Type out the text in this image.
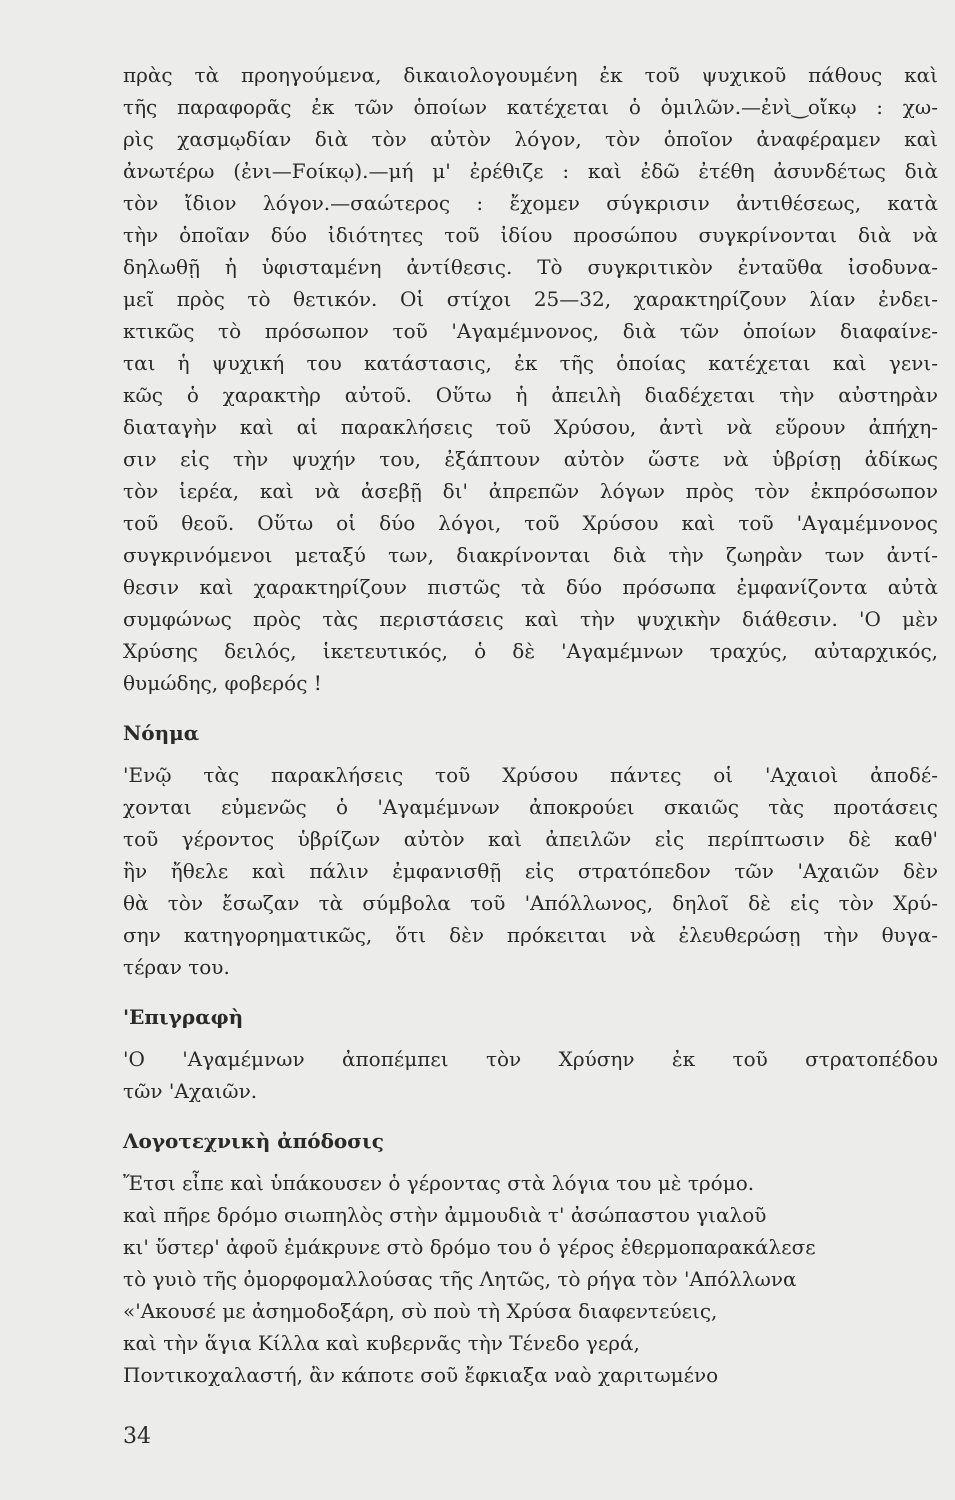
πρὰς τὰ προηγούμενα, δικαιολογουμένη ἐκ τοῦ ψυχικοῦ πάθους καὶ
τῆς παραφορᾶς ἐκ τῶν ὁποίων κατέχεται ὁ ὁμιλῶν.—ἐνὶ‿οἴκῳ : χω-
ρὶς χασμῳδίαν διὰ τὸν αὐτὸν λόγον, τὸν ὁποῖον ἀναφέραμεν καὶ
ἀνωτέρω (ἐνι—Fοίκῳ).—μή μ' ἐρέθιζε : καὶ ἐδῶ ἐτέθη ἀσυνδέτως διὰ
τὸν ἴδιον λόγον.—σαώτερος : ἔχομεν σύγκρισιν ἀντιθέσεως, κατὰ
τὴν ὁποῖαν δύο ἰδιότητες τοῦ ἰδίου προσώπου συγκρίνονται διὰ νὰ
δηλωθῇ ἡ ὑφισταμένη ἀντίθεσις. Τὸ συγκριτικὸν ἐνταῦθα ἰσοδυνα-
μεῖ πρὸς τὸ θετικόν. Οἱ στίχοι 25—32, χαρακτηρίζουν λίαν ἐνδει-
κτικῶς τὸ πρόσωπον τοῦ 'Αγαμέμνονος, διὰ τῶν ὁποίων διαφαίνε-
ται ἡ ψυχική του κατάστασις, ἐκ τῆς ὁποίας κατέχεται καὶ γενι-
κῶς ὁ χαρακτὴρ αὐτοῦ. Οὕτω ἡ ἀπειλὴ διαδέχεται τὴν αὐστηρὰν
διαταγὴν καὶ αἱ παρακλήσεις τοῦ Χρύσου, ἀντὶ νὰ εὕρουν ἀπήχη-
σιν εἰς τὴν ψυχήν του, ἐξάπτουν αὐτὸν ὥστε νὰ ὑβρίσῃ ἀδίκως
τὸν ἱερέα, καὶ νὰ ἀσεβῇ δι' ἀπρεπῶν λόγων πρὸς τὸν ἐκπρόσωπον
τοῦ θεοῦ. Οὕτω οἱ δύο λόγοι, τοῦ Χρύσου καὶ τοῦ 'Αγαμέμνονος
συγκρινόμενοι μεταξύ των, διακρίνονται διὰ τὴν ζωηρὰν των ἀντί-
θεσιν καὶ χαρακτηρίζουν πιστῶς τὰ δύο πρόσωπα ἐμφανίζοντα αὐτὰ
συμφώνως πρὸς τὰς περιστάσεις καὶ τὴν ψυχικὴν διάθεσιν. 'Ο μὲν
Χρύσης δειλός, ἱκετευτικός, ὁ δὲ 'Αγαμέμνων τραχύς, αὐταρχικός,
θυμώδης, φοβερός !
Νόημα
'Ενῷ τὰς παρακλήσεις τοῦ Χρύσου πάντες οἱ 'Αχαιοὶ ἀποδέ-
χονται εὐμενῶς ὁ 'Αγαμέμνων ἀποκρούει σκαιῶς τὰς προτάσεις
τοῦ γέροντος ὑβρίζων αὐτὸν καὶ ἀπειλῶν εἰς περίπτωσιν δὲ καθ'
ἣν ἤθελε καὶ πάλιν ἐμφανισθῇ εἰς στρατόπεδον τῶν 'Αχαιῶν δὲν
θὰ τὸν ἔσωζαν τὰ σύμβολα τοῦ 'Απόλλωνος, δηλοῖ δὲ εἰς τὸν Χρύ-
σην κατηγορηματικῶς, ὅτι δὲν πρόκειται νὰ ἐλευθερώσῃ τὴν θυγα-
τέραν του.
'Επιγραφὴ
'Ο 'Αγαμέμνων ἀποπέμπει τὸν Χρύσην ἐκ τοῦ στρατοπέδου
τῶν 'Αχαιῶν.
Λογοτεχνικὴ ἀπόδοσις
Ἔτσι εἶπε καὶ ὑπάκουσεν ὁ γέροντας στὰ λόγια του μὲ τρόμο.
καὶ πῆρε δρόμο σιωπηλὸς στὴν ἀμμουδιὰ τ' ἀσώπαστου γιαλοῦ
κι' ὕστερ' ἀφοῦ ἐμάκρυνε στὸ δρόμο του ὁ γέρος ἐθερμοπαρακάλεσε
τὸ γυιὸ τῆς ὀμορφομαλλούσας τῆς Λητῶς, τὸ ρήγα τὸν 'Απόλλωνα
«'Ακουσέ με ἀσημοδοξάρη, σὺ ποὺ τὴ Χρύσα διαφεντεύεις,
καὶ τὴν ἅγια Κίλλα καὶ κυβερνᾶς τὴν Τένεδο γερά,
Ποντικοχαλαστή, ἂν κάποτε σοῦ ἔφκιαξα ναὸ χαριτωμένο
34
